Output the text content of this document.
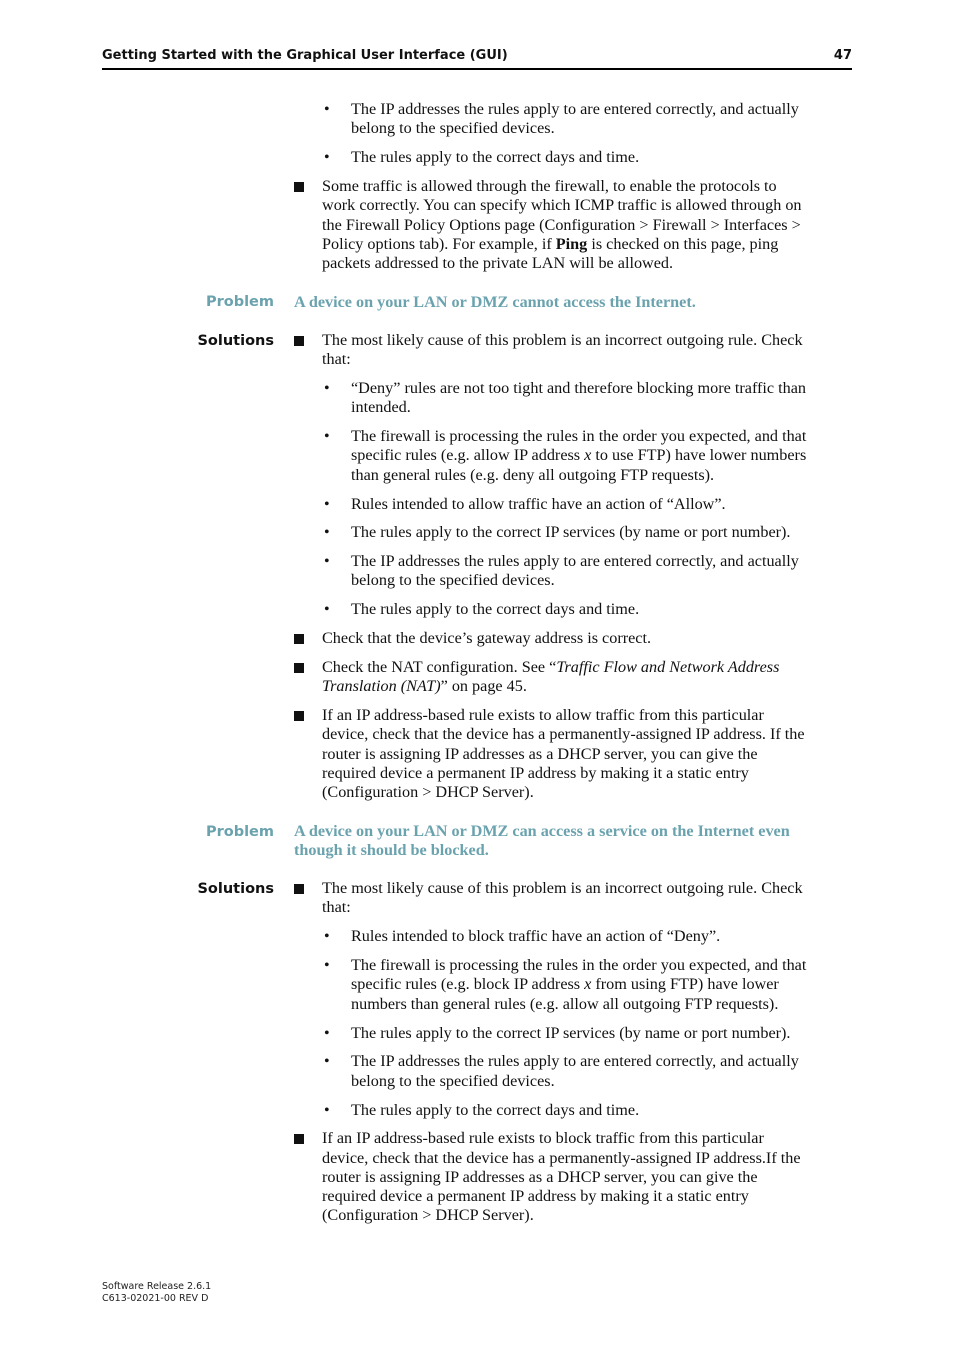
Getting Started with the Graphical User Interface (GUI)	47
• The IP addresses the rules apply to are entered correctly, and actually
belong to the specified devices.
• The rules apply to the correct days and time.
Some traffic is allowed through the firewall, to enable the protocols to
work correctly. You can specify which ICMP traffic is allowed through on
the Firewall Policy Options page (Configuration > Firewall > Interfaces >
Policy options tab). For example, if Ping is checked on this page, ping
packets addressed to the private LAN will be allowed.
Problem A device on your LAN or DMZ cannot access the Internet.
Solutions	The most likely cause of this problem is an incorrect outgoing rule. Check
that:
• “Deny” rules are not too tight and therefore blocking more traffic than
intended.
• The firewall is processing the rules in the order you expected, and that
specific rules (e.g. allow IP address x to use FTP) have lower numbers
than general rules (e.g. deny all outgoing FTP requests).
• Rules intended to allow traffic have an action of “Allow”.
• The rules apply to the correct IP services (by name or port number).
• The IP addresses the rules apply to are entered correctly, and actually
belong to the specified devices.
• The rules apply to the correct days and time.
Check that the device’s gateway address is correct.
Check the NAT configuration. See “Traffic Flow and Network Address
Translation (NAT)” on page 45.
If an IP address-based rule exists to allow traffic from this particular
device, check that the device has a permanently-assigned IP address. If the
router is assigning IP addresses as a DHCP server, you can give the
required device a permanent IP address by making it a static entry
(Configuration > DHCP Server).
Problem A device on your LAN or DMZ can access a service on the Internet even
though it should be blocked.
Solutions	The most likely cause of this problem is an incorrect outgoing rule. Check
that:
• Rules intended to block traffic have an action of “Deny”.
• The firewall is processing the rules in the order you expected, and that
specific rules (e.g. block IP address x from using FTP) have lower
numbers than general rules (e.g. allow all outgoing FTP requests).
• The rules apply to the correct IP services (by name or port number).
• The IP addresses the rules apply to are entered correctly, and actually
belong to the specified devices.
• The rules apply to the correct days and time.
If an IP address-based rule exists to block traffic from this particular
device, check that the device has a permanently-assigned IP address.If the
router is assigning IP addresses as a DHCP server, you can give the
required device a permanent IP address by making it a static entry
(Configuration > DHCP Server).
Software Release 2.6.1
C613-02021-00 REV D
